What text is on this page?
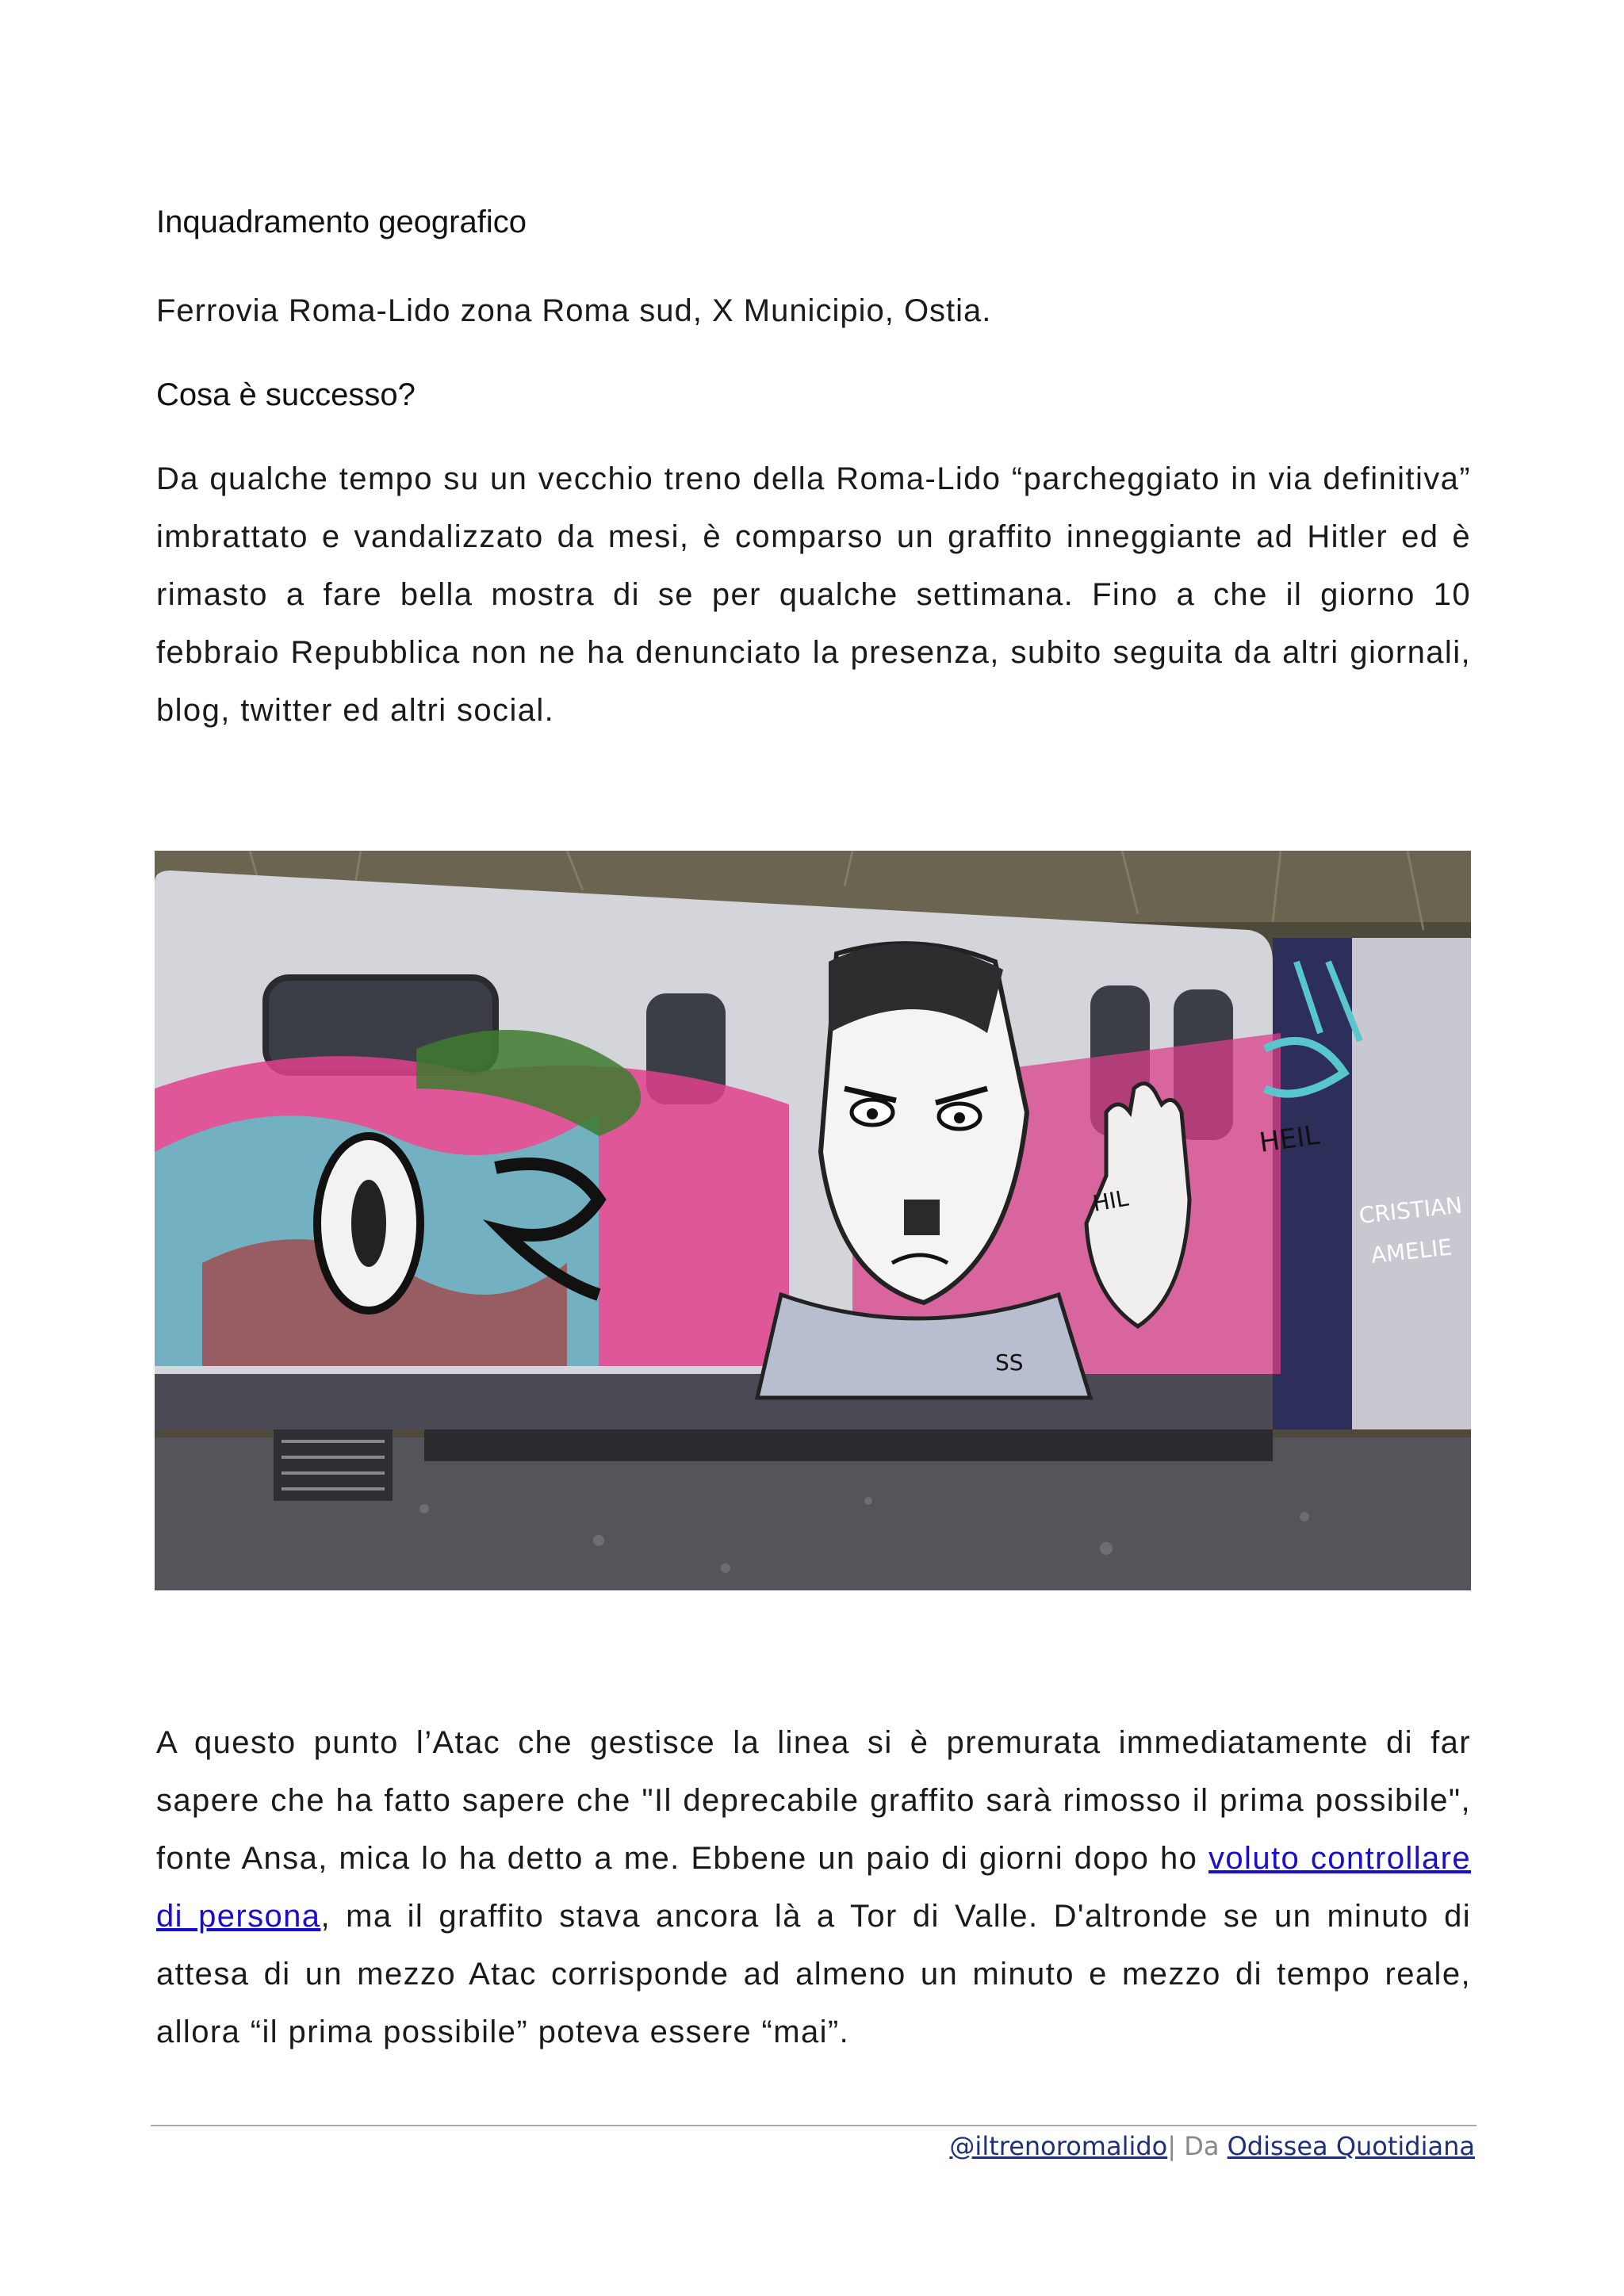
Inquadramento geografico
Ferrovia Roma-Lido zona Roma sud, X Municipio, Ostia.
Cosa è successo?

Da qualche tempo su un vecchio treno della Roma-Lido “parcheggiato in via definitiva” imbrattato e vandalizzato da mesi, è comparso un graffito inneggiante ad Hitler ed è rimasto a fare bella mostra di se per qualche settimana. Fino a che il giorno 10 febbraio Repubblica non ne ha denunciato la presenza, subito seguita da altri giornali, blog, twitter ed altri social.

HEIL
HIL
SS
CRISTIAN
AMELIE

A questo punto l’Atac che gestisce la linea si è premurata immediatamente di far sapere che ha fatto sapere che "Il deprecabile graffito sarà rimosso il prima possibile", fonte Ansa, mica lo ha detto a me. Ebbene un paio di giorni dopo ho voluto controllare di persona, ma il graffito stava ancora là a Tor di Valle. D'altronde se un minuto di attesa di un mezzo Atac corrisponde ad almeno un minuto e mezzo di tempo reale, allora “il prima possibile” poteva essere “mai”.

@iltrenoromalido| Da Odissea Quotidiana
